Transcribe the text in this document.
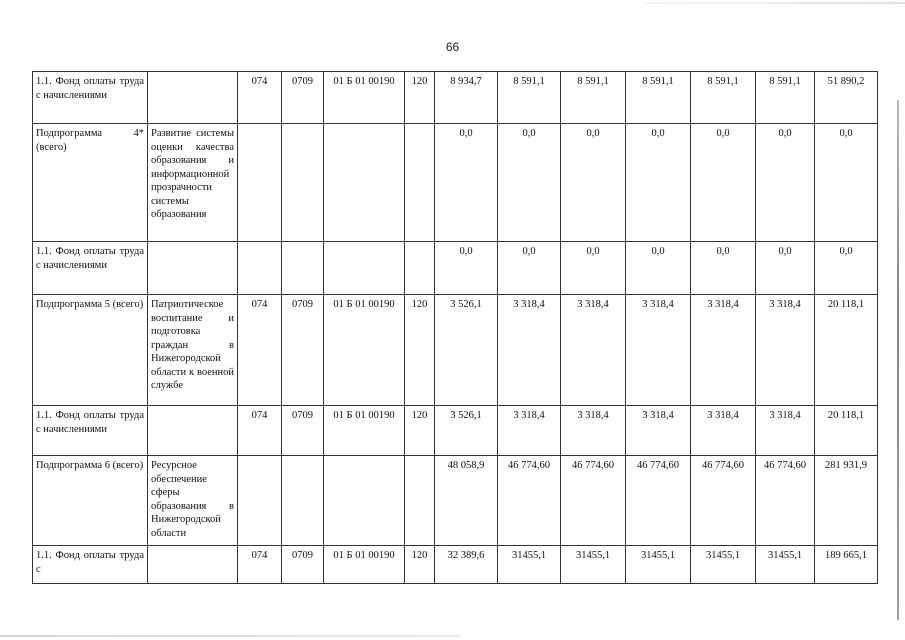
66
1.1. Фонд оплаты труда с начислениями		074	0709	01 Б 01 00190	120	8 934,7	8 591,1	8 591,1	8 591,1	8 591,1	8 591,1	51 890,2
Подпрограмма 4* (всего)	Развитие системы оценки качества образования и информационной прозрачности системы образования					0,0	0,0	0,0	0,0	0,0	0,0	0,0
1.1. Фонд оплаты труда с начислениями						0,0	0,0	0,0	0,0	0,0	0,0	0,0
Подпрограмма 5 (всего)	Патриотическое воспитание и подготовка граждан в Нижегородской области к военной службе	074	0709	01 Б 01 00190	120	3 526,1	3 318,4	3 318,4	3 318,4	3 318,4	3 318,4	20 118,1
1.1. Фонд оплаты труда с начислениями		074	0709	01 Б 01 00190	120	3 526,1	3 318,4	3 318,4	3 318,4	3 318,4	3 318,4	20 118,1
Подпрограмма 6 (всего)	Ресурсное обеспечение сферы образования в Нижегородской области					48 058,9	46 774,60	46 774,60	46 774,60	46 774,60	46 774,60	281 931,9
1.1. Фонд оплаты труда с		074	0709	01 Б 01 00190	120	32 389,6	31455,1	31455,1	31455,1	31455,1	31455,1	189 665,1
